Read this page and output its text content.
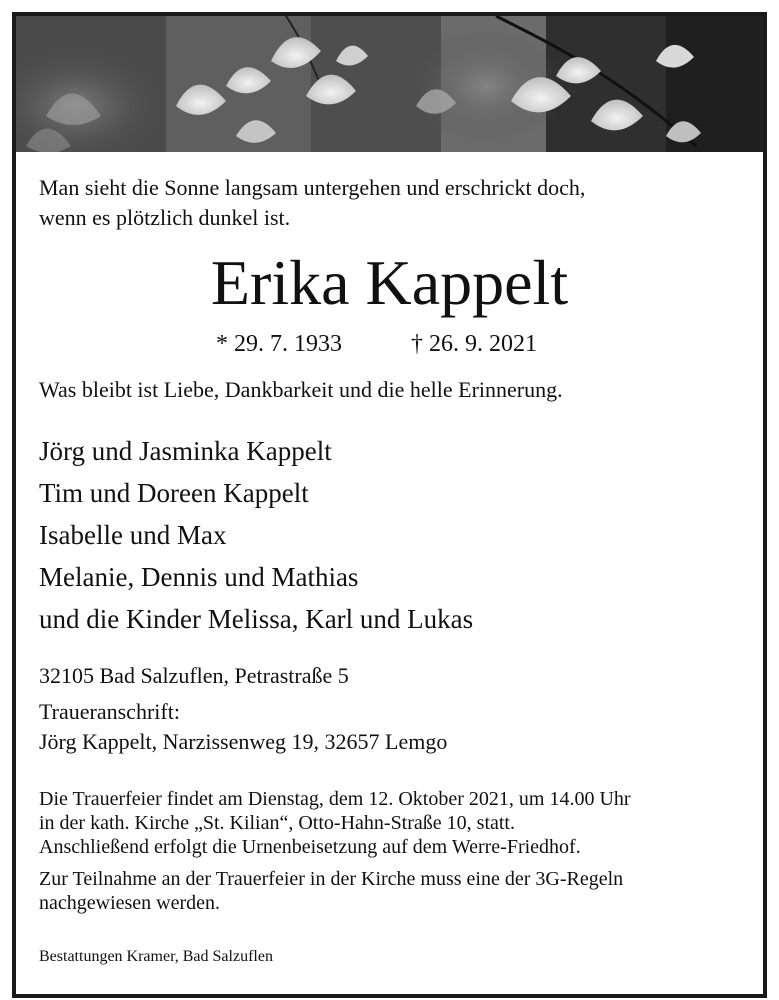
Man sieht die Sonne langsam untergehen und erschrickt doch,

wenn es plötzlich dunkel ist.

Erika Kappelt

* 29. 7. 1933	† 26. 9. 2021

Was bleibt ist Liebe, Dankbarkeit und die helle Erinnerung.

Jörg und Jasminka Kappelt

Tim und Doreen Kappelt

Isabelle und Max

Melanie, Dennis und Mathias

und die Kinder Melissa, Karl und Lukas

32105 Bad Salzuflen, Petrastraße 5

Traueranschrift:

Jörg Kappelt, Narzissenweg 19, 32657 Lemgo

Die Trauerfeier findet am Dienstag, dem 12. Oktober 2021, um 14.00 Uhr

in der kath. Kirche „St. Kilian“, Otto-Hahn-Straße 10, statt.

Anschließend erfolgt die Urnenbeisetzung auf dem Werre-Friedhof.

Zur Teilnahme an der Trauerfeier in der Kirche muss eine der 3G-Regeln

nachgewiesen werden.

Bestattungen Kramer, Bad Salzuflen
